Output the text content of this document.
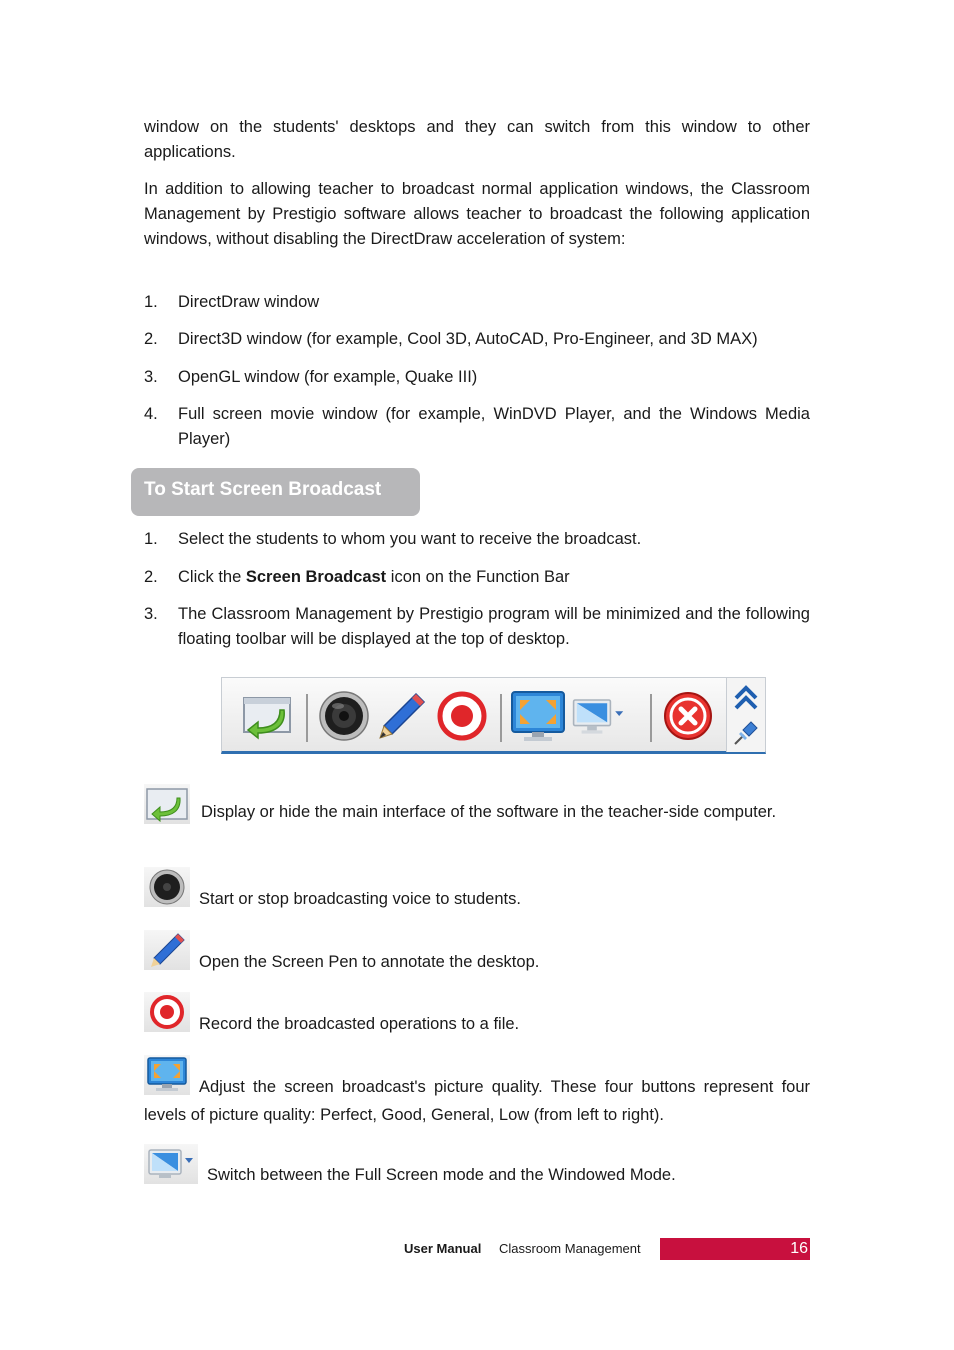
window on the students' desktops and they can switch from this window to other applications.

In addition to allowing teacher to broadcast normal application windows, the Classroom Management by Prestigio software allows teacher to broadcast the following application windows, without disabling the DirectDraw acceleration of system:

1. DirectDraw window
2. Direct3D window (for example, Cool 3D, AutoCAD, Pro-Engineer, and 3D MAX)
3. OpenGL window (for example, Quake III)
4. Full screen movie window (for example, WinDVD Player, and the Windows Media Player)
To Start Screen Broadcast
1. Select the students to whom you want to receive the broadcast.
2. Click the Screen Broadcast icon on the Function Bar
3. The Classroom Management by Prestigio program will be minimized and the following floating toolbar will be displayed at the top of desktop.
Display or hide the main interface of the software in the teacher-side computer.
Start or stop broadcasting voice to students.
Open the Screen Pen to annotate the desktop.
Record the broadcasted operations to a file.
Adjust the screen broadcast's picture quality. These four buttons represent four levels of picture quality: Perfect, Good, General, Low (from left to right).
Switch between the Full Screen mode and the Windowed Mode.
User Manual Classroom Management	16
